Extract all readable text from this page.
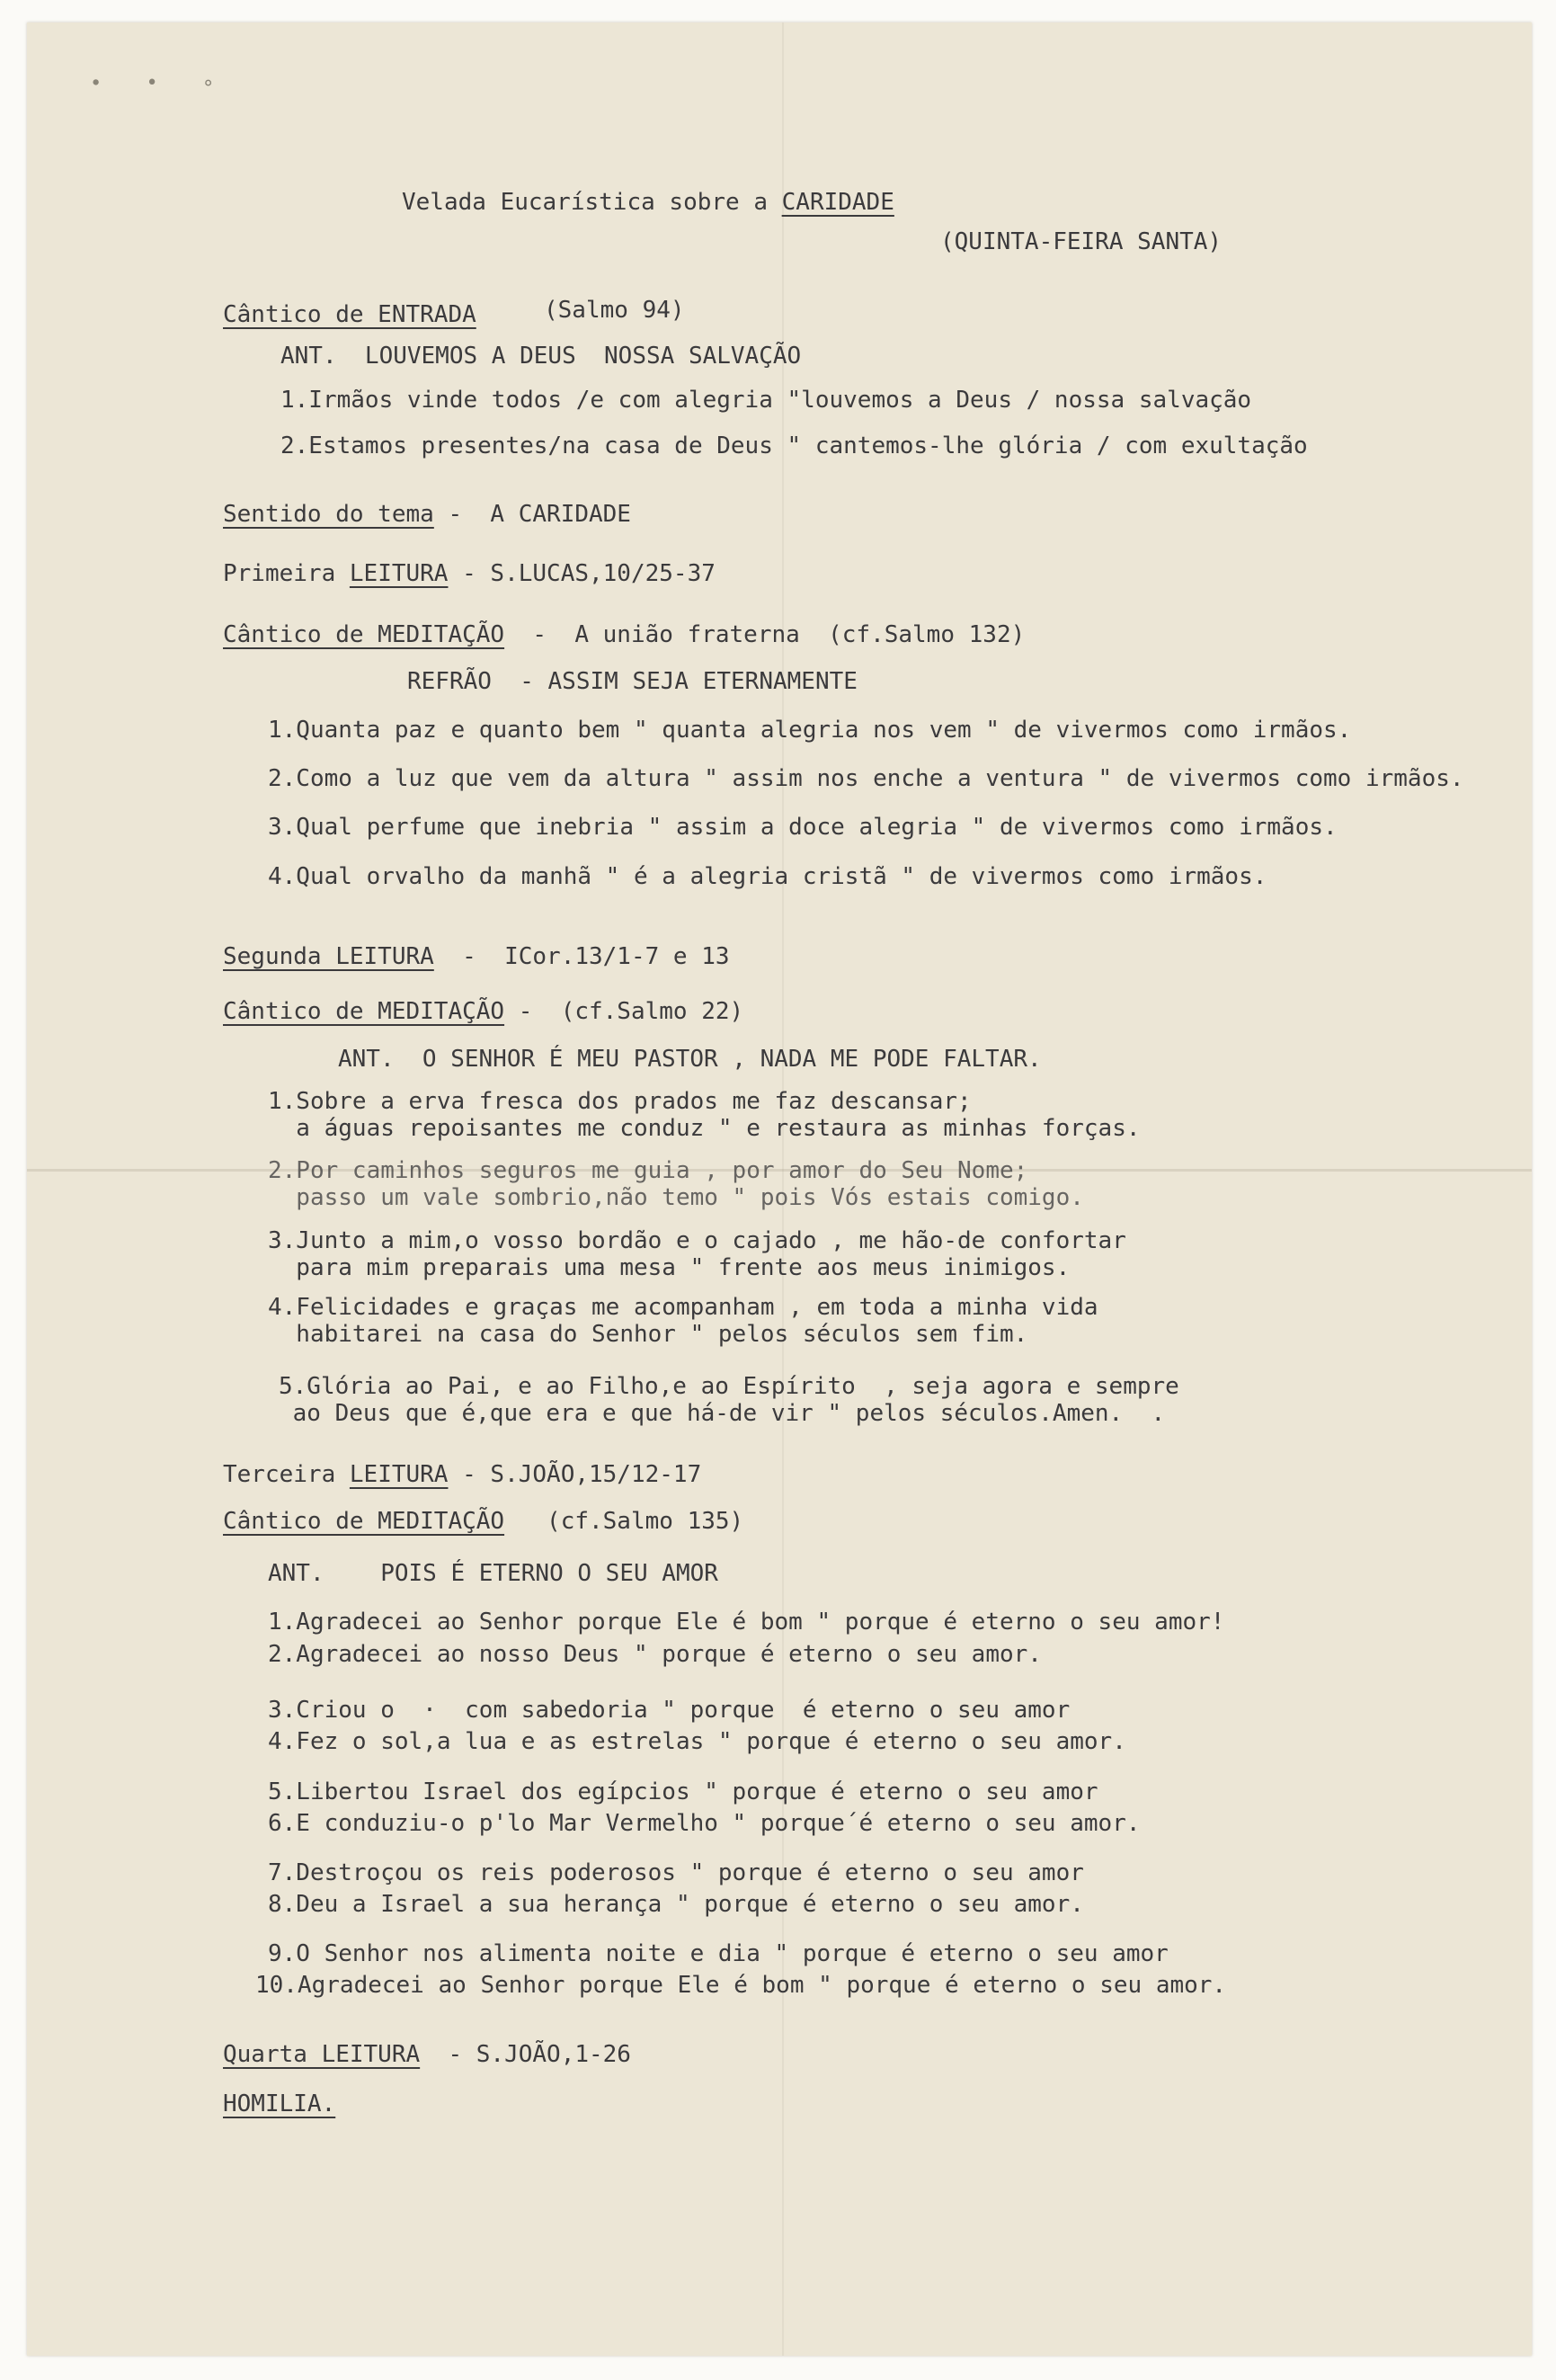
∙ • ∘
Velada Eucarística sobre a CARIDADE
(QUINTA-FEIRA SANTA)
Cântico de ENTRADA	(Salmo 94)
ANT.  LOUVEMOS A DEUS  NOSSA SALVAÇÃO
1.Irmãos vinde todos /e com alegria "louvemos a Deus / nossa salvação
2.Estamos presentes/na casa de Deus " cantemos-lhe glória / com exultação
Sentido do tema -  A CARIDADE
Primeira LEITURA - S.LUCAS,10/25-37
Cântico de MEDITAÇÃO  -  A união fraterna  (cf.Salmo 132)
REFRÃO  - ASSIM SEJA ETERNAMENTE
1.Quanta paz e quanto bem " quanta alegria nos vem " de vivermos como irmãos.
2.Como a luz que vem da altura " assim nos enche a ventura " de vivermos como irmãos.
3.Qual perfume que inebria " assim a doce alegria " de vivermos como irmãos.
4.Qual orvalho da manhã " é a alegria cristã " de vivermos como irmãos.
Segunda LEITURA  -  ICor.13/1-7 e 13
Cântico de MEDITAÇÃO -  (cf.Salmo 22)
ANT.  O SENHOR É MEU PASTOR , NADA ME PODE FALTAR.
1.Sobre a erva fresca dos prados me faz descansar;
a águas repoisantes me conduz " e restaura as minhas forças.
2.Por caminhos seguros me guia , por amor do Seu Nome;
passo um vale sombrio,não temo " pois Vós estais comigo.
3.Junto a mim,o vosso bordão e o cajado , me hão-de confortar
para mim preparais uma mesa " frente aos meus inimigos.
4.Felicidades e graças me acompanham , em toda a minha vida
habitarei na casa do Senhor " pelos séculos sem fim.
5.Glória ao Pai, e ao Filho,e ao Espírito  , seja agora e sempre
ao Deus que é,que era e que há-de vir " pelos séculos.Amen.  .
Terceira LEITURA - S.JOÃO,15/12-17
Cântico de MEDITAÇÃO   (cf.Salmo 135)
ANT.    POIS É ETERNO O SEU AMOR
1.Agradecei ao Senhor porque Ele é bom " porque é eterno o seu amor!
2.Agradecei ao nosso Deus " porque é eterno o seu amor.
3.Criou o  ·  com sabedoria " porque  é eterno o seu amor
4.Fez o sol,a lua e as estrelas " porque é eterno o seu amor.
5.Libertou Israel dos egípcios " porque é eterno o seu amor
6.E conduziu-o p'lo Mar Vermelho " porque´é eterno o seu amor.
7.Destroçou os reis poderosos " porque é eterno o seu amor
8.Deu a Israel a sua herança " porque é eterno o seu amor.
9.O Senhor nos alimenta noite e dia " porque é eterno o seu amor
10.Agradecei ao Senhor porque Ele é bom " porque é eterno o seu amor.
Quarta LEITURA  - S.JOÃO,1-26
HOMILIA.
